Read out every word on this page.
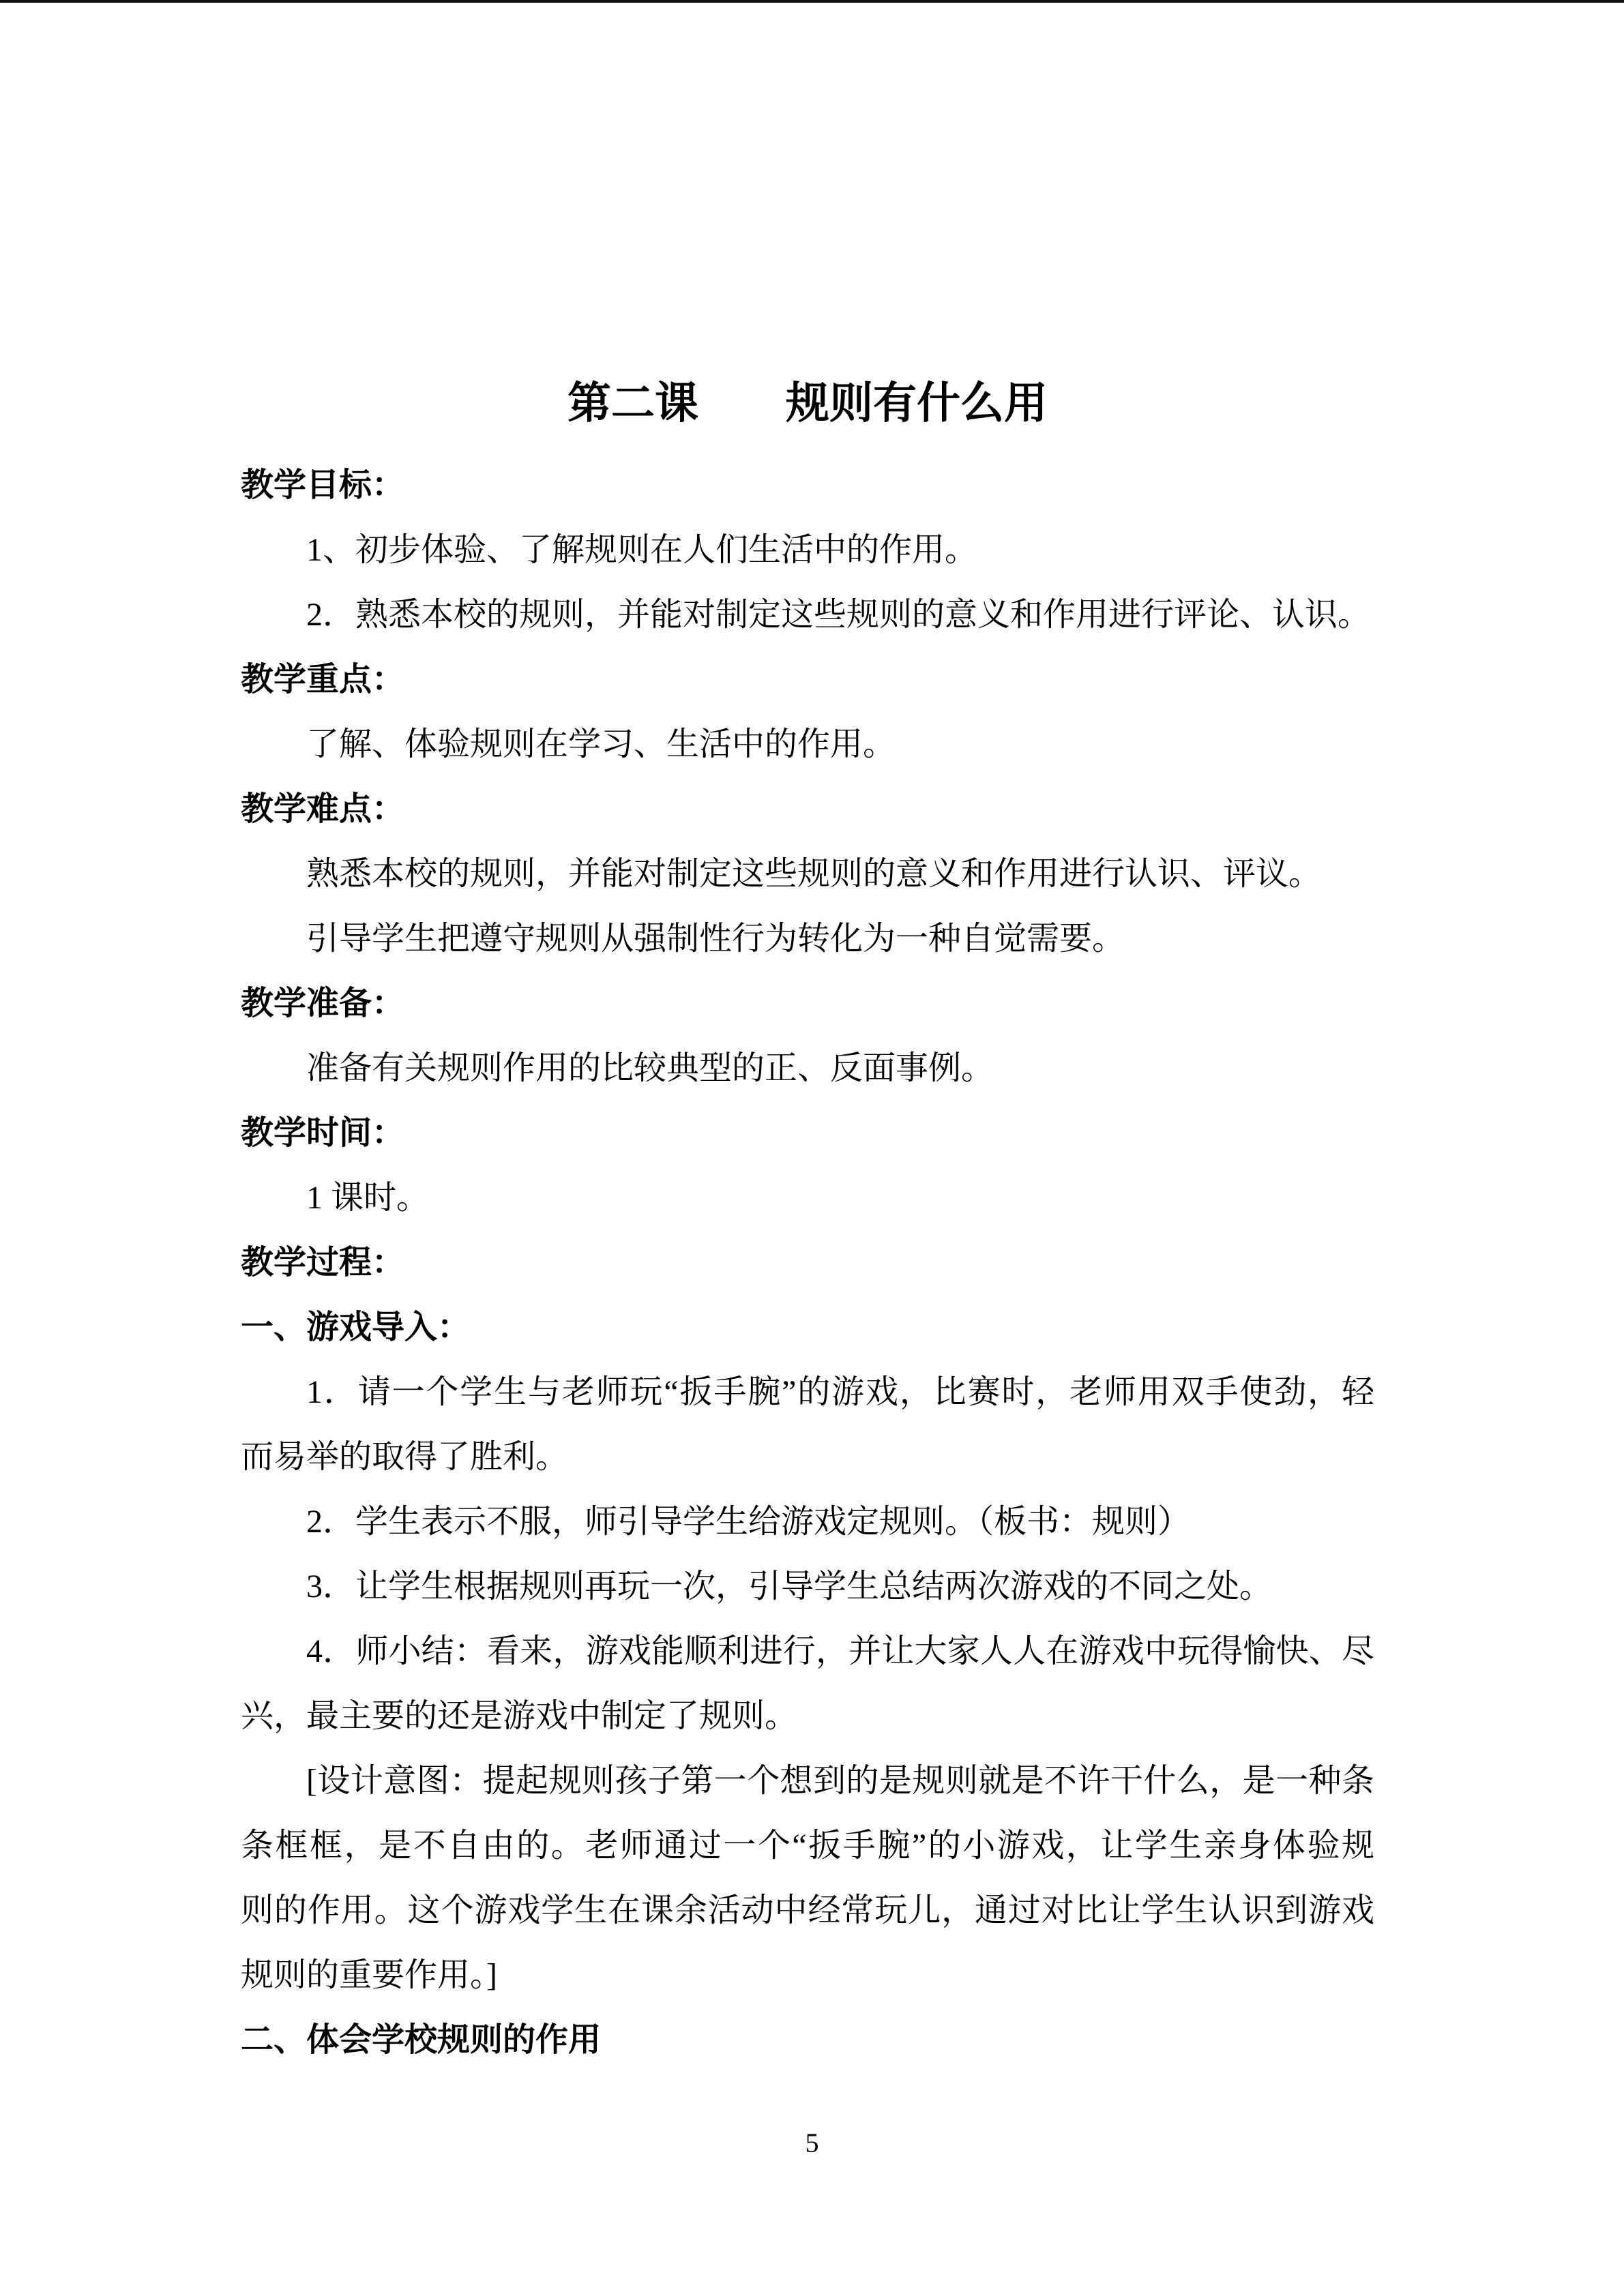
第二课 规则有什么用
教学目标：
1、初步体验、了解规则在人们生活中的作用。
2．熟悉本校的规则，并能对制定这些规则的意义和作用进行评论、认识。
教学重点：
了解、体验规则在学习、生活中的作用。
教学难点：
熟悉本校的规则，并能对制定这些规则的意义和作用进行认识、评议。
引导学生把遵守规则从强制性行为转化为一种自觉需要。
教学准备：
准备有关规则作用的比较典型的正、反面事例。
教学时间：
1 课时。
教学过程：
一、游戏导入：
1．请一个学生与老师玩“扳手腕”的游戏，比赛时，老师用双手使劲，轻
而易举的取得了胜利。
2．学生表示不服，师引导学生给游戏定规则。（板书：规则）
3．让学生根据规则再玩一次，引导学生总结两次游戏的不同之处。
4．师小结：看来，游戏能顺利进行，并让大家人人在游戏中玩得愉快、尽
兴，最主要的还是游戏中制定了规则。
[设计意图：提起规则孩子第一个想到的是规则就是不许干什么，是一种条
条框框，是不自由的。老师通过一个“扳手腕”的小游戏，让学生亲身体验规
则的作用。这个游戏学生在课余活动中经常玩儿，通过对比让学生认识到游戏
规则的重要作用。]
二、体会学校规则的作用
5
